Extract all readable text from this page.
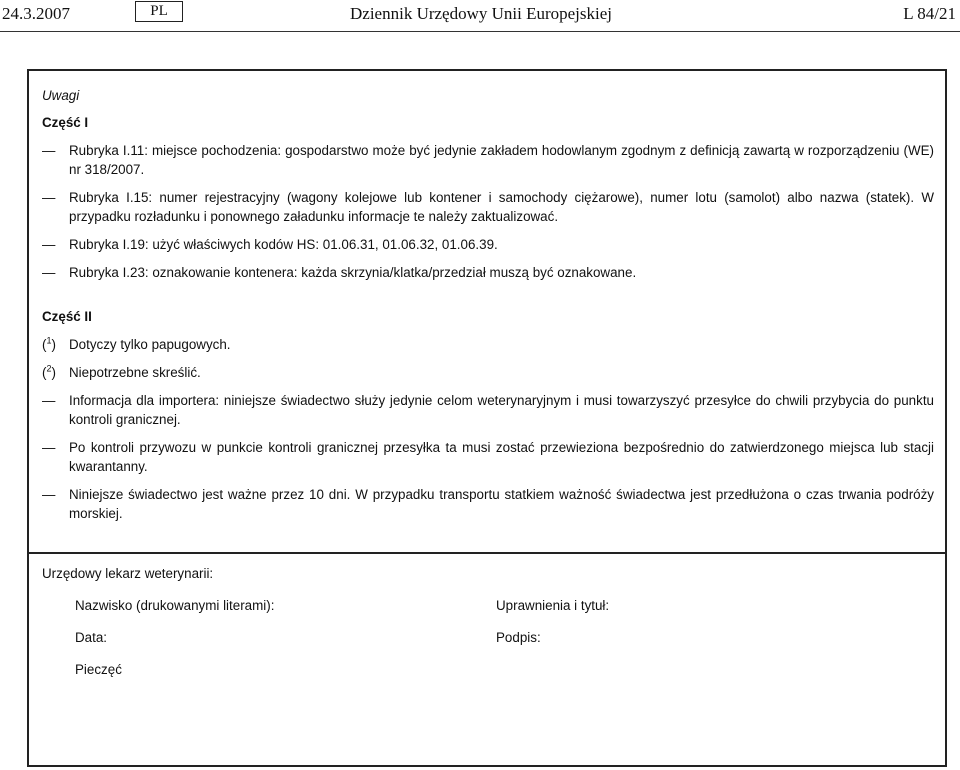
24.3.2007	PL	Dziennik Urzędowy Unii Europejskiej	L 84/21
Uwagi
Część I
—	Rubryka I.11: miejsce pochodzenia: gospodarstwo może być jedynie zakładem hodowlanym zgodnym z definicją zawartą w rozporządzeniu (WE) nr 318/2007.
—	Rubryka I.15: numer rejestracyjny (wagony kolejowe lub kontener i samochody ciężarowe), numer lotu (samolot) albo nazwa (statek). W przypadku rozładunku i ponownego załadunku informacje te należy zaktualizować.
—	Rubryka I.19: użyć właściwych kodów HS: 01.06.31, 01.06.32, 01.06.39.
—	Rubryka I.23: oznakowanie kontenera: każda skrzynia/klatka/przedział muszą być oznakowane.
Część II
($^1$) Dotyczy tylko papugowych.
($^2$) Niepotrzebne skreślić.
—	Informacja dla importera: niniejsze świadectwo służy jedynie celom weterynaryjnym i musi towarzyszyć przesyłce do chwili przybycia do punktu kontroli granicznej.
—	Po kontroli przywozu w punkcie kontroli granicznej przesyłka ta musi zostać przewieziona bezpośrednio do zatwierdzonego miejsca lub stacji kwarantanny.
—	Niniejsze świadectwo jest ważne przez 10 dni. W przypadku transportu statkiem ważność świadectwa jest przedłużona o czas trwania podróży morskiej.
Urzędowy lekarz weterynarii:
Nazwisko (drukowanymi literami):	Uprawnienia i tytuł:
Data:	Podpis:
Pieczęć
